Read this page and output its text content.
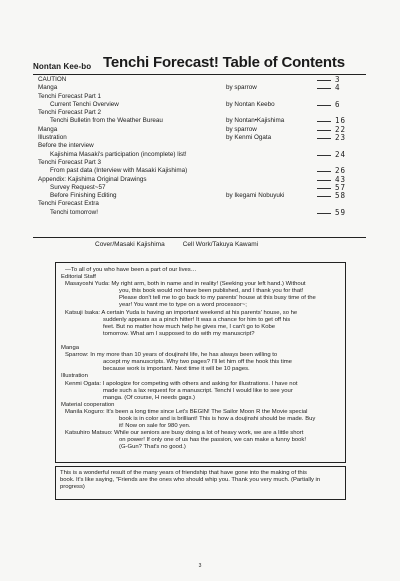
Nontan Kee-bo Tenchi Forecast! Table of Contents
CAUTION	3
Manga	by sparrow	4
Tenchi Forecast Part 1
Current Tenchi Overview	by Nontan Keebo	6
Tenchi Forecast Part 2
Tenchi Bulletin from the Weather Bureau	by Nontan•Kajishima	16
Manga	by sparrow	22
Illustration	by Kenmi Ogata	23
Before the interview
Kajishima Masaki's participation (incomplete) list!	24
Tenchi Forecast Part 3
From past data (Interview with Masaki Kajishima)	26
Appendix: Kajishima Original Drawings	43
Survey Request~57	57
Before Finishing Editing	by Ikegami Nobuyuki	58
Tenchi Forecast Extra
Tenchi tomorrow!	59
Cover/Masaki Kajishima	Cell Work/Takuya Kawami
—To all of you who have been a part of our lives…
Editorial Staff
Masayoshi Yuda: My right arm, both in name and in reality! (Seeking your left hand.) Without
you, this book would not have been published, and I thank you for that!
Please don't tell me to go back to my parents' house at this busy time of the
year! You want me to type on a word processor~;
Katsuji Isaka: A certain Yuda is having an important weekend at his parents' house, so he
suddenly appears as a pinch hitter! It was a chance for him to get off his
feet. But no matter how much help he gives me, I can't go to Kobe
tomorrow. What am I supposed to do with my manuscript?
Manga
Sparrow: In my more than 10 years of doujinshi life, he has always been willing to
accept my manuscripts. Why two pages? I'll let him off the hook this time
because work is important. Next time it will be 10 pages.
Illustration
Kenmi Ogata: I apologize for competing with others and asking for illustrations. I have not
made such a lax request for a manuscript. Tenchi I would like to see your
manga. (Of course, H needs gags.)
Material cooperation
Manila Koguro: It's been a long time since Let's BEGIN! The Sailor Moon R the Movie special
book is in color and is brilliant! This is how a doujinshi should be made. Buy
it! Now on sale for 980 yen.
Katsuhiro Matsuo: While our seniors are busy doing a lot of heavy work, we are a little short
on power! If only one of us has the passion, we can make a funny book!
(G-Gun? That's no good.)
This is a wonderful result of the many years of friendship that have gone into the making of this
book. It's like saying, "Friends are the ones who should whip you. Thank you very much. (Partially in
progress)
3
